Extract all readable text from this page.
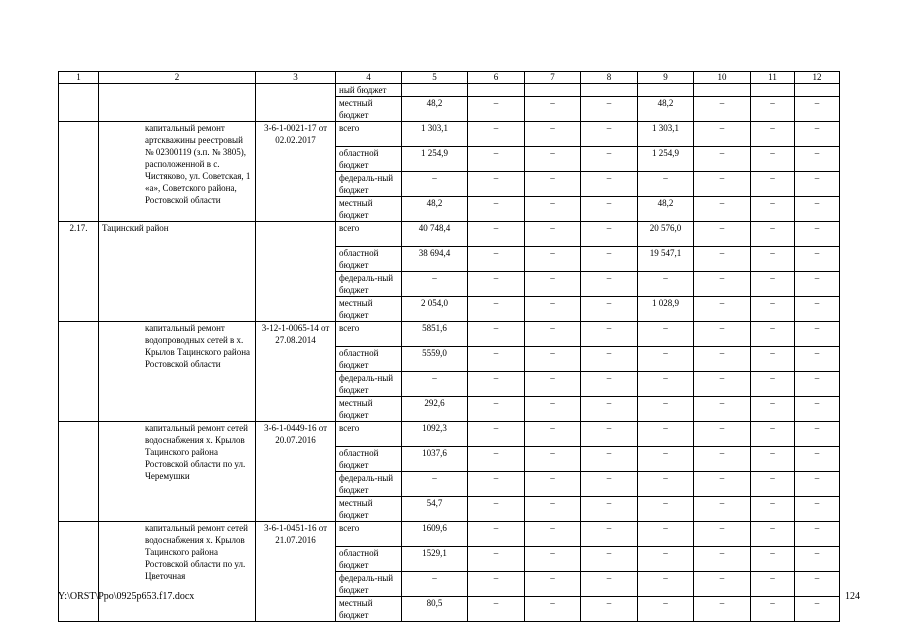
1	2	3	4	5	6	7	8	9	10	11	12
			ный бюджет								
			местный бюджет	48,2	–	–	–	48,2	–	–	–
	капитальный ремонт артскважины реестровый № 02300119 (з.п. № 3805), расположенной в с. Чистяково, ул. Советская, 1 «а», Советского района, Ростовской области	3-6-1-0021-17 от 02.02.2017	всего	1 303,1	–	–	–	1 303,1	–	–	–
			областной бюджет	1 254,9	–	–	–	1 254,9	–	–	–
			федераль-ный бюджет	–	–	–	–	–	–	–	–
			местный бюджет	48,2	–	–	–	48,2	–	–	–
2.17.	Тацинский район		всего	40 748,4	–	–	–	20 576,0	–	–	–
			областной бюджет	38 694,4	–	–	–	19 547,1	–	–	–
			федераль-ный бюджет	–	–	–	–	–	–	–	–
			местный бюджет	2 054,0	–	–	–	1 028,9	–	–	–
	капитальный ремонт водопроводных сетей в х. Крылов Тацинского района Ростовской области	3-12-1-0065-14 от 27.08.2014	всего	5851,6	–	–	–	–	–	–	–
			областной бюджет	5559,0	–	–	–	–	–	–	–
			федераль-ный бюджет	–	–	–	–	–	–	–	–
			местный бюджет	292,6	–	–	–	–	–	–	–
	капитальный ремонт сетей водоснабжения х. Крылов Тацинского района Ростовской области по ул. Черемушки	3-6-1-0449-16 от 20.07.2016	всего	1092,3	–	–	–	–	–	–	–
			областной бюджет	1037,6	–	–	–	–	–	–	–
			федераль-ный бюджет	–	–	–	–	–	–	–	–
			местный бюджет	54,7	–	–	–	–	–	–	–
	капитальный ремонт сетей водоснабжения х. Крылов Тацинского района Ростовской области по ул. Цветочная	3-6-1-0451-16 от 21.07.2016	всего	1609,6	–	–	–	–	–	–	–
			областной бюджет	1529,1	–	–	–	–	–	–	–
			федераль-ный бюджет	–	–	–	–	–	–	–	–
			местный бюджет	80,5	–	–	–	–	–	–	–
Y:\ORST\Ppo\0925p653.f17.docx	124
